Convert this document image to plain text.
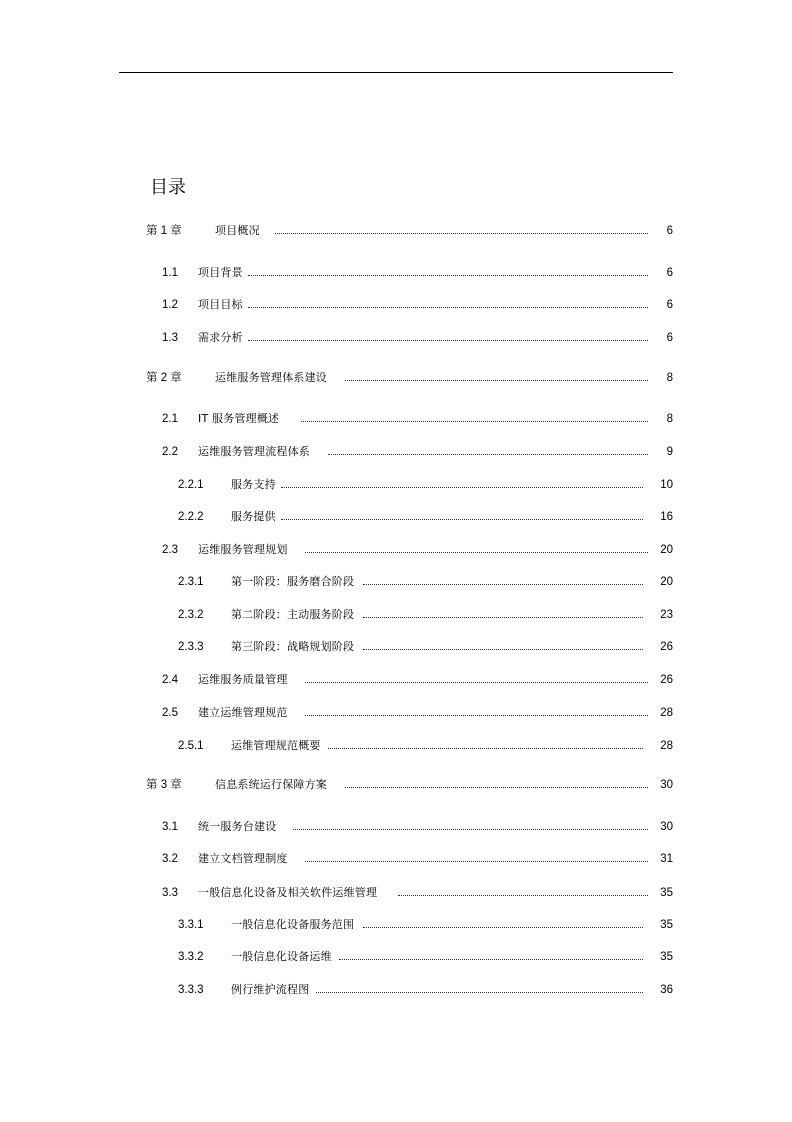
目录
第 1 章	项目概况	6
1.1 项目背景	6
1.2 项目目标	6
1.3 需求分析	6
第 2 章	运维服务管理体系建设	8
2.1 IT 服务管理概述	8
2.2 运维服务管理流程体系	9
2.2.1 服务支持	10
2.2.2 服务提供	16
2.3 运维服务管理规划	20
2.3.1 第一阶段：服务磨合阶段	20
2.3.2 第二阶段：主动服务阶段	23
2.3.3 第三阶段：战略规划阶段	26
2.4 运维服务质量管理	26
2.5 建立运维管理规范	28
2.5.1 运维管理规范概要	28
第 3 章	信息系统运行保障方案	30
3.1 统一服务台建设	30
3.2 建立文档管理制度	31
3.3 一般信息化设备及相关软件运维管理	35
3.3.1 一般信息化设备服务范围	35
3.3.2 一般信息化设备运维	35
3.3.3 例行维护流程图	36
